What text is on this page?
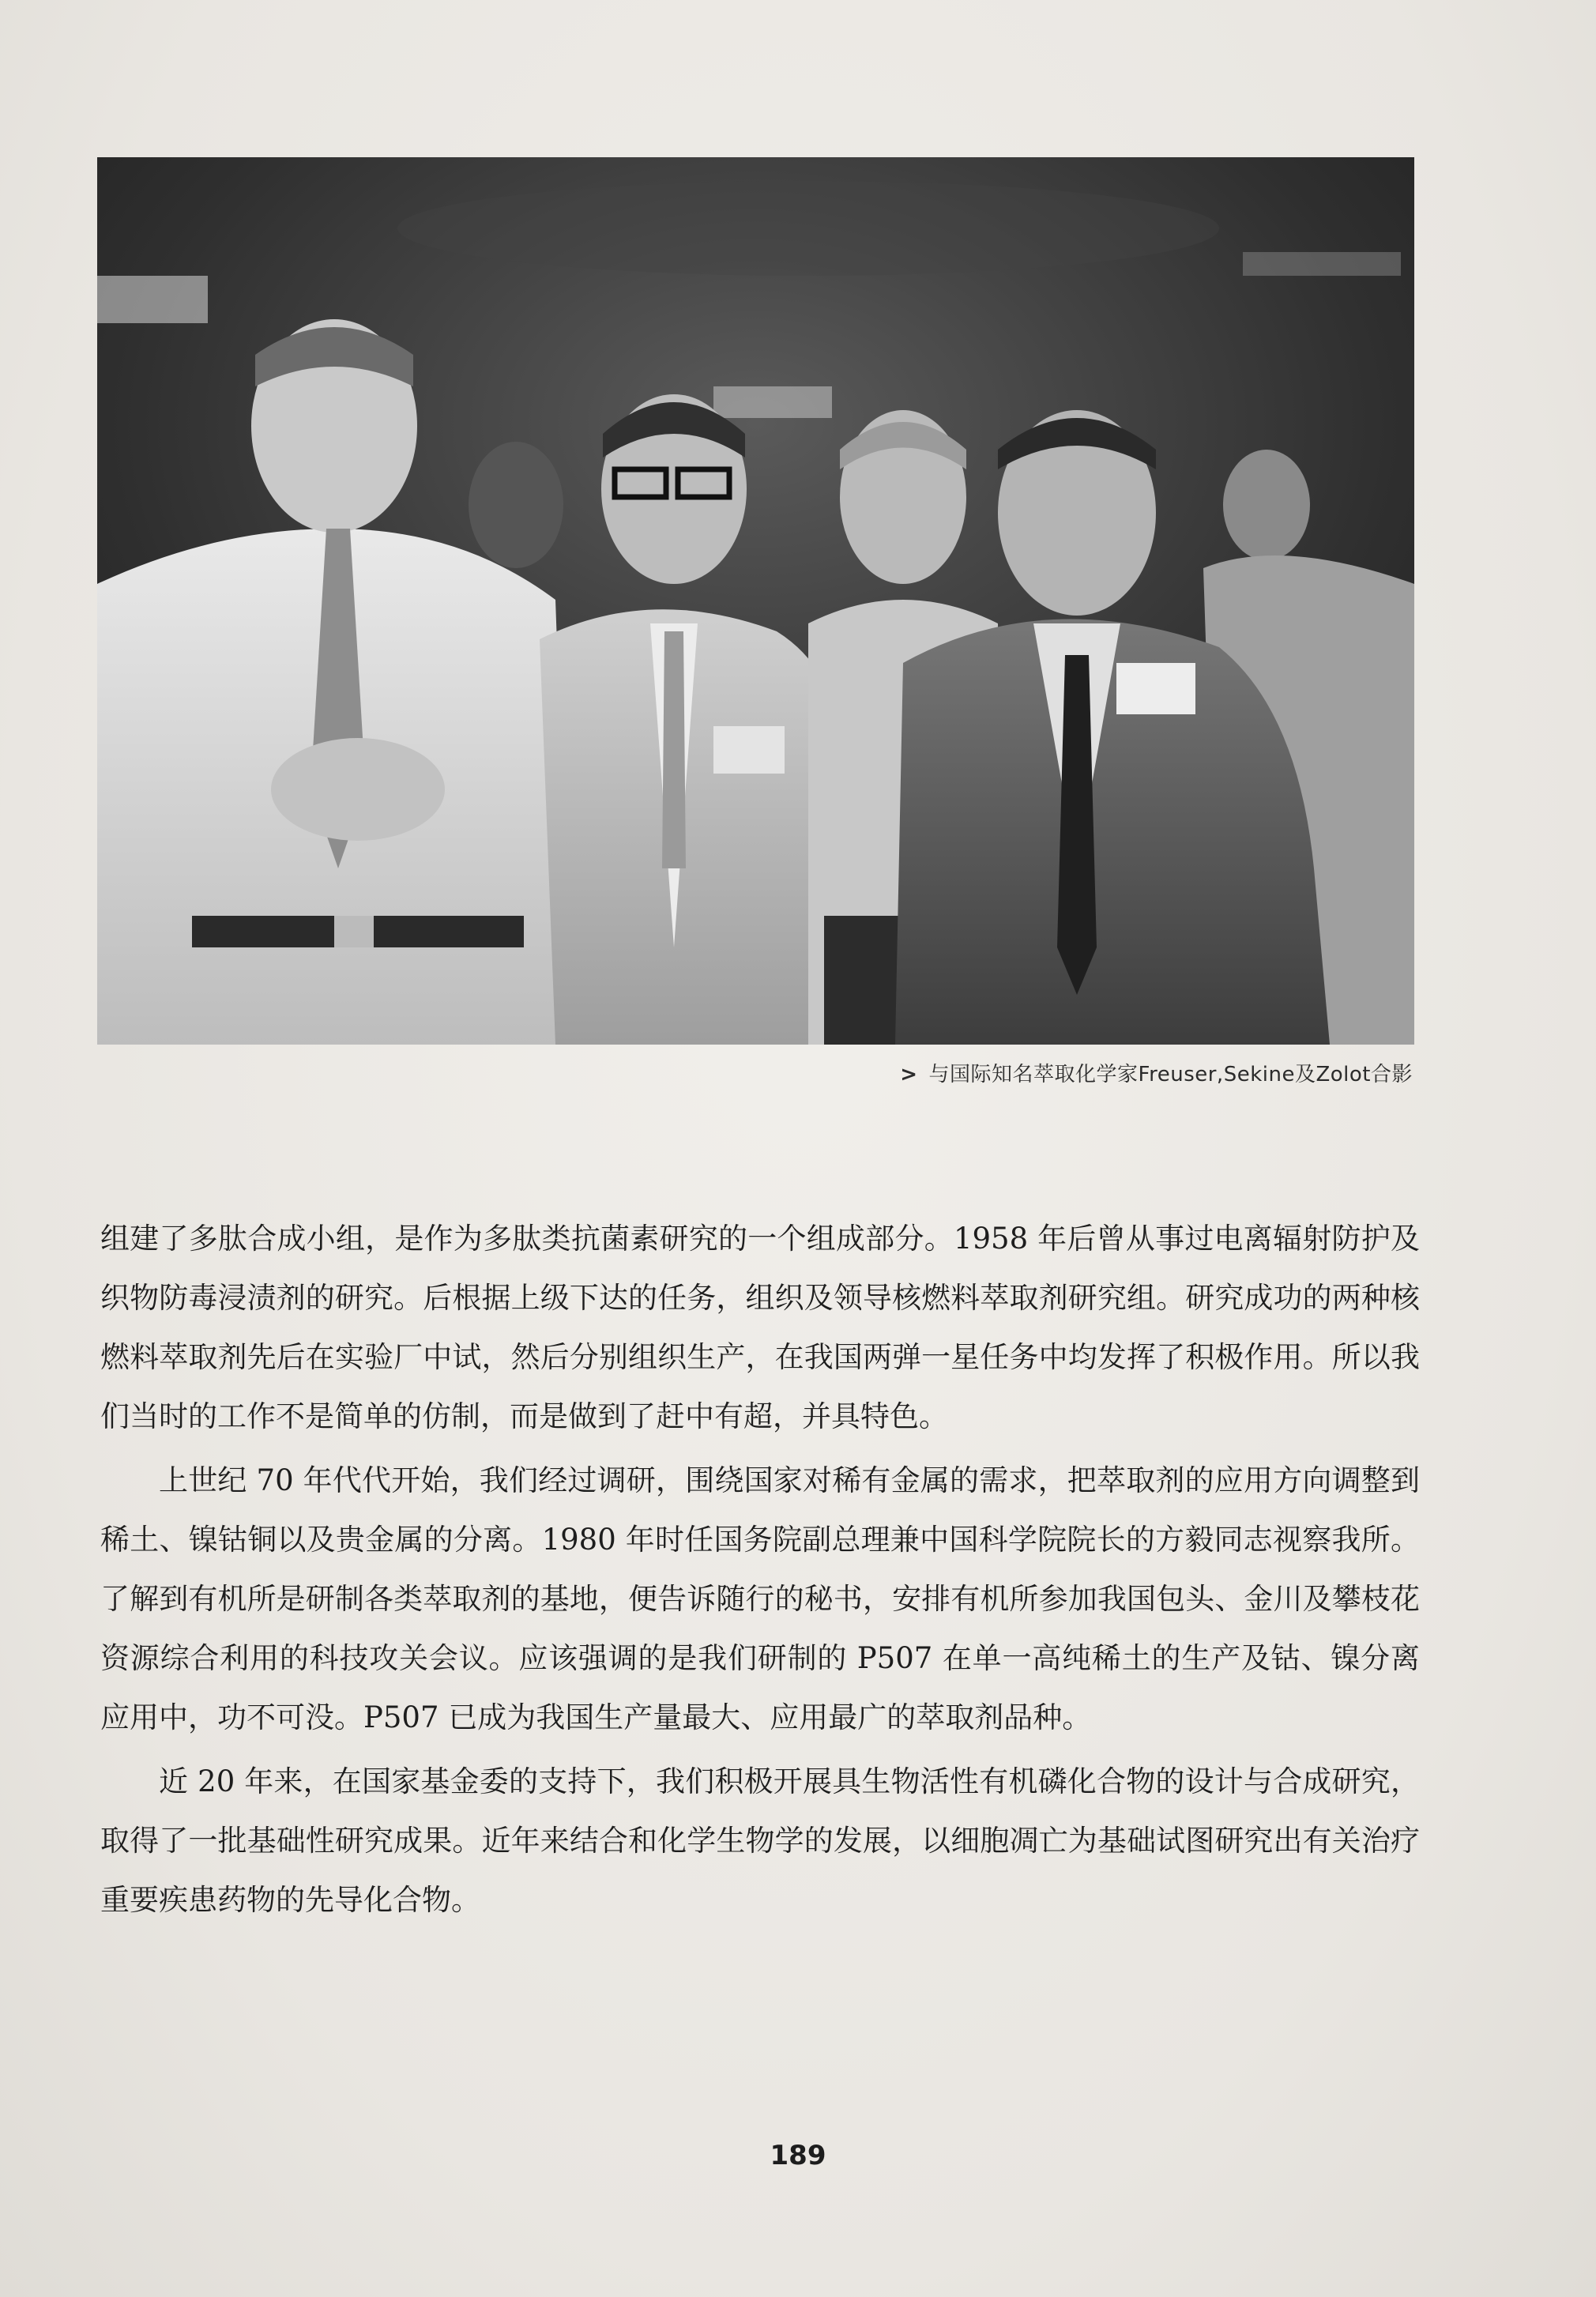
> 与国际知名萃取化学家Freuser,Sekine及Zolot合影

组建了多肽合成小组，是作为多肽类抗菌素研究的一个组成部分。1958 年后曾从事过电离辐射防护及织物防毒浸渍剂的研究。后根据上级下达的任务，组织及领导核燃料萃取剂研究组。研究成功的两种核燃料萃取剂先后在实验厂中试，然后分别组织生产，在我国两弹一星任务中均发挥了积极作用。所以我们当时的工作不是简单的仿制，而是做到了赶中有超，并具特色。

上世纪 70 年代代开始，我们经过调研，围绕国家对稀有金属的需求，把萃取剂的应用方向调整到稀土、镍钴铜以及贵金属的分离。1980 年时任国务院副总理兼中国科学院院长的方毅同志视察我所。了解到有机所是研制各类萃取剂的基地，便告诉随行的秘书，安排有机所参加我国包头、金川及攀枝花资源综合利用的科技攻关会议。应该强调的是我们研制的 P507 在单一高纯稀土的生产及钴、镍分离应用中，功不可没。P507 已成为我国生产量最大、应用最广的萃取剂品种。

近 20 年来，在国家基金委的支持下，我们积极开展具生物活性有机磷化合物的设计与合成研究，取得了一批基础性研究成果。近年来结合和化学生物学的发展，以细胞凋亡为基础试图研究出有关治疗重要疾患药物的先导化合物。

189
